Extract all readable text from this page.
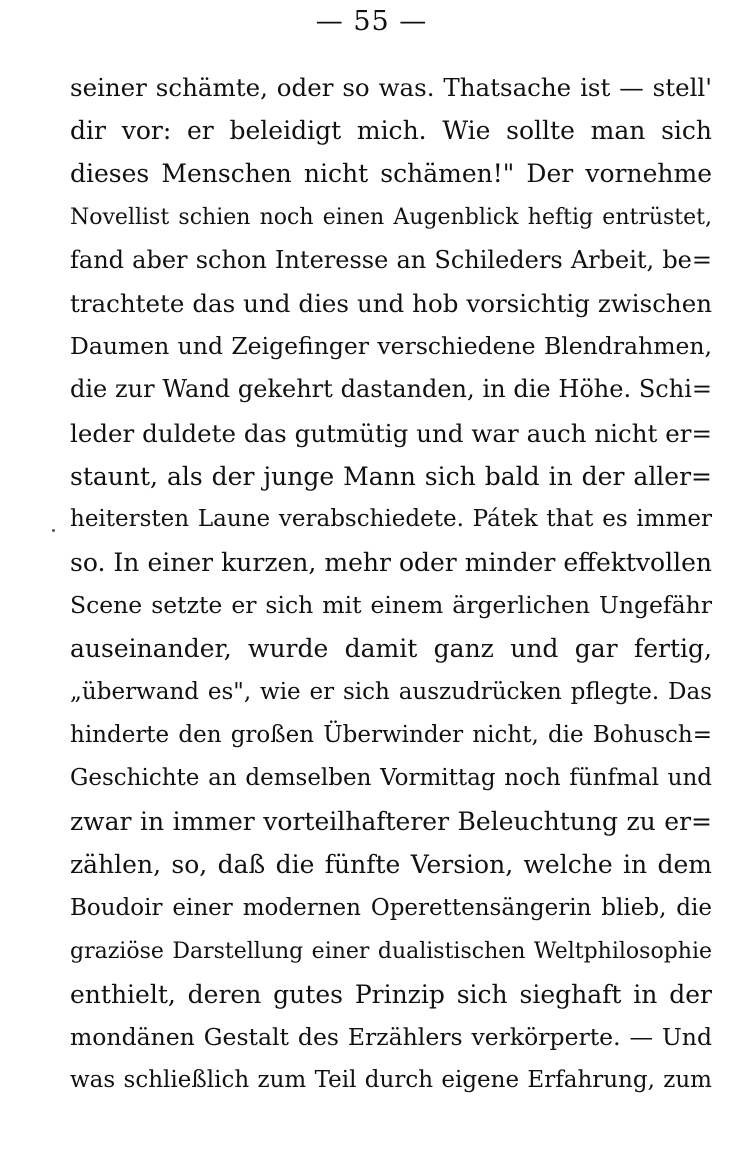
— 55 —
seiner schämte, oder so was. Thatsache ist — stell'
dir vor: er beleidigt mich. Wie sollte man sich
dieses Menschen nicht schämen!" Der vornehme
Novellist schien noch einen Augenblick heftig entrüstet,
fand aber schon Interesse an Schileders Arbeit, be=
trachtete das und dies und hob vorsichtig zwischen
Daumen und Zeigefinger verschiedene Blendrahmen,
die zur Wand gekehrt dastanden, in die Höhe. Schi=
leder duldete das gutmütig und war auch nicht er=
staunt, als der junge Mann sich bald in der aller=
heitersten Laune verabschiedete. Pátek that es immer
so. In einer kurzen, mehr oder minder effektvollen
Scene setzte er sich mit einem ärgerlichen Ungefähr
auseinander, wurde damit ganz und gar fertig,
„überwand es", wie er sich auszudrücken pflegte. Das
hinderte den großen Überwinder nicht, die Bohusch=
Geschichte an demselben Vormittag noch fünfmal und
zwar in immer vorteilhafterer Beleuchtung zu er=
zählen, so, daß die fünfte Version, welche in dem
Boudoir einer modernen Operettensängerin blieb, die
graziöse Darstellung einer dualistischen Weltphilosophie
enthielt, deren gutes Prinzip sich sieghaft in der
mondänen Gestalt des Erzählers verkörperte. — Und
was schließlich zum Teil durch eigene Erfahrung, zum
